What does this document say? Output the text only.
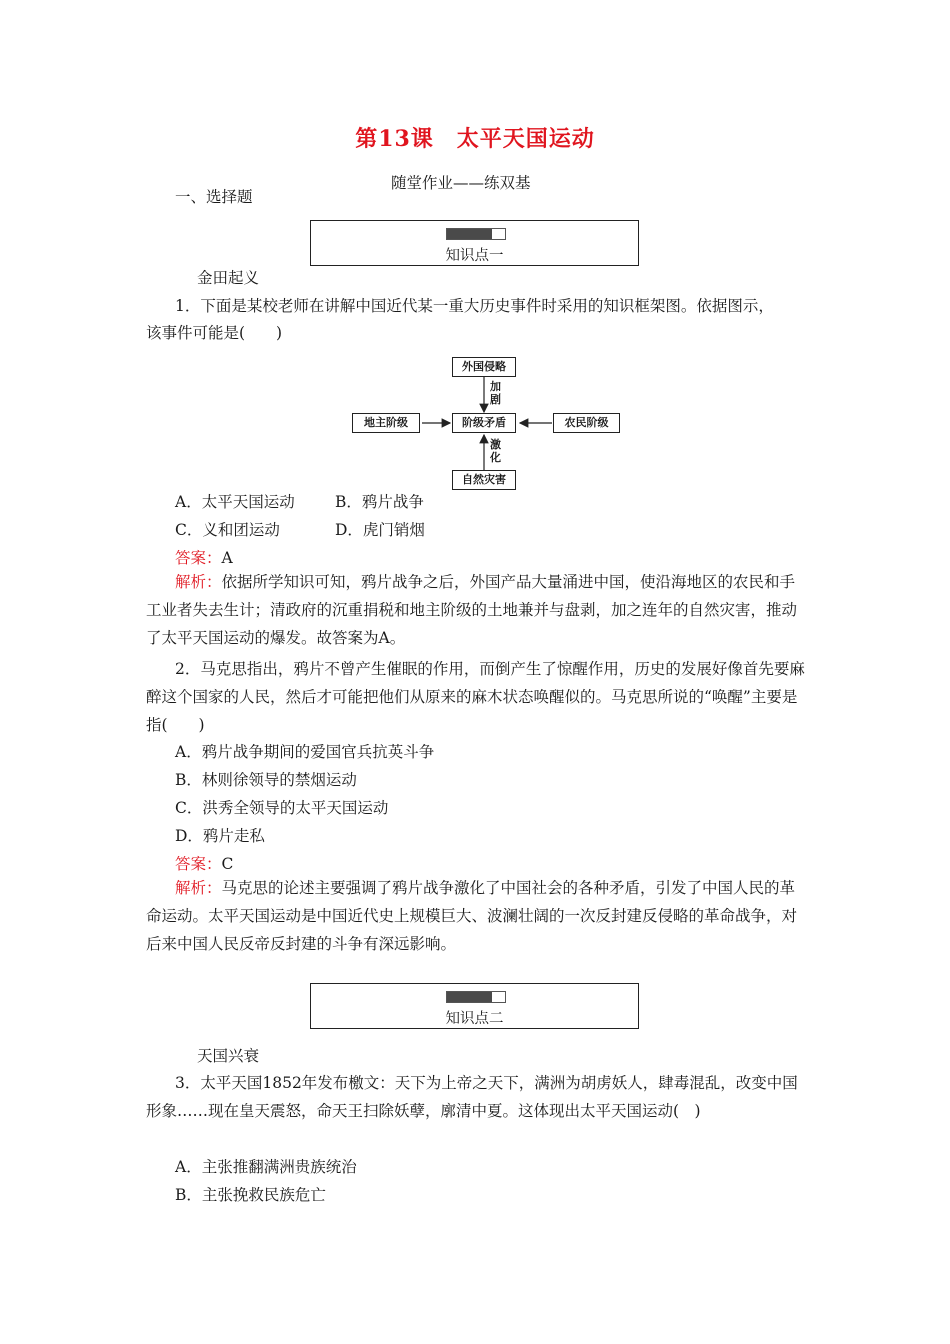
第13课　太平天国运动
随堂作业——练双基
一、选择题
知识点一
金田起义
1．下面是某校老师在讲解中国近代某一重大历史事件时采用的知识框架图。依据图示，
该事件可能是(　　)
外国侵略
阶级矛盾
地主阶级	农民阶级
自然灾害
加剧
激化
A．太平天国运动	B．鸦片战争
C．义和团运动	D．虎门销烟
答案：A
解析：依据所学知识可知，鸦片战争之后，外国产品大量涌进中国，使沿海地区的农民和手工业者失去生计；清政府的沉重捐税和地主阶级的土地兼并与盘剥，加之连年的自然灾害，推动了太平天国运动的爆发。故答案为A。
2．马克思指出，鸦片不曾产生催眠的作用，而倒产生了惊醒作用，历史的发展好像首先要麻醉这个国家的人民，然后才可能把他们从原来的麻木状态唤醒似的。马克思所说的“唤醒”主要是指(　　)
A．鸦片战争期间的爱国官兵抗英斗争
B．林则徐领导的禁烟运动
C．洪秀全领导的太平天国运动
D．鸦片走私
答案：C
解析：马克思的论述主要强调了鸦片战争激化了中国社会的各种矛盾，引发了中国人民的革命运动。太平天国运动是中国近代史上规模巨大、波澜壮阔的一次反封建反侵略的革命战争，对后来中国人民反帝反封建的斗争有深远影响。
知识点二
天国兴衰
3．太平天国1852年发布檄文：天下为上帝之天下，满洲为胡虏妖人，肆毒混乱，改变中国形象……现在皇天震怒，命天王扫除妖孽，廓清中夏。这体现出太平天国运动(　)
A．主张推翻满洲贵族统治
B．主张挽救民族危亡
